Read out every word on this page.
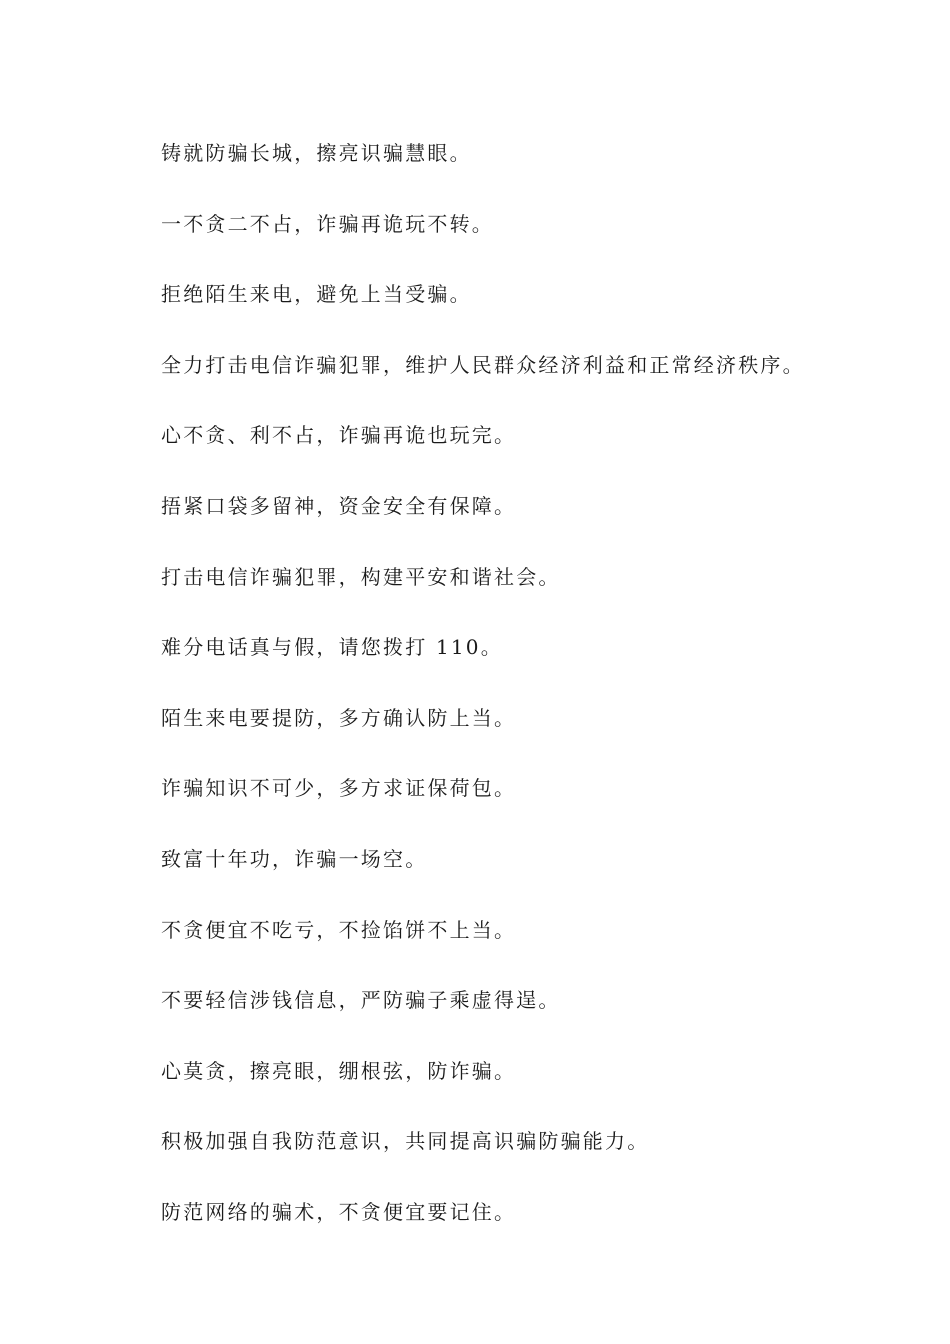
铸就防骗长城，擦亮识骗慧眼。
一不贪二不占，诈骗再诡玩不转。
拒绝陌生来电，避免上当受骗。
全力打击电信诈骗犯罪，维护人民群众经济利益和正常经济秩序。
心不贪、利不占，诈骗再诡也玩完。
捂紧口袋多留神，资金安全有保障。
打击电信诈骗犯罪，构建平安和谐社会。
难分电话真与假，请您拨打 110。
陌生来电要提防，多方确认防上当。
诈骗知识不可少，多方求证保荷包。
致富十年功，诈骗一场空。
不贪便宜不吃亏，不捡馅饼不上当。
不要轻信涉钱信息，严防骗子乘虚得逞。
心莫贪，擦亮眼，绷根弦，防诈骗。
积极加强自我防范意识，共同提高识骗防骗能力。
防范网络的骗术，不贪便宜要记住。
